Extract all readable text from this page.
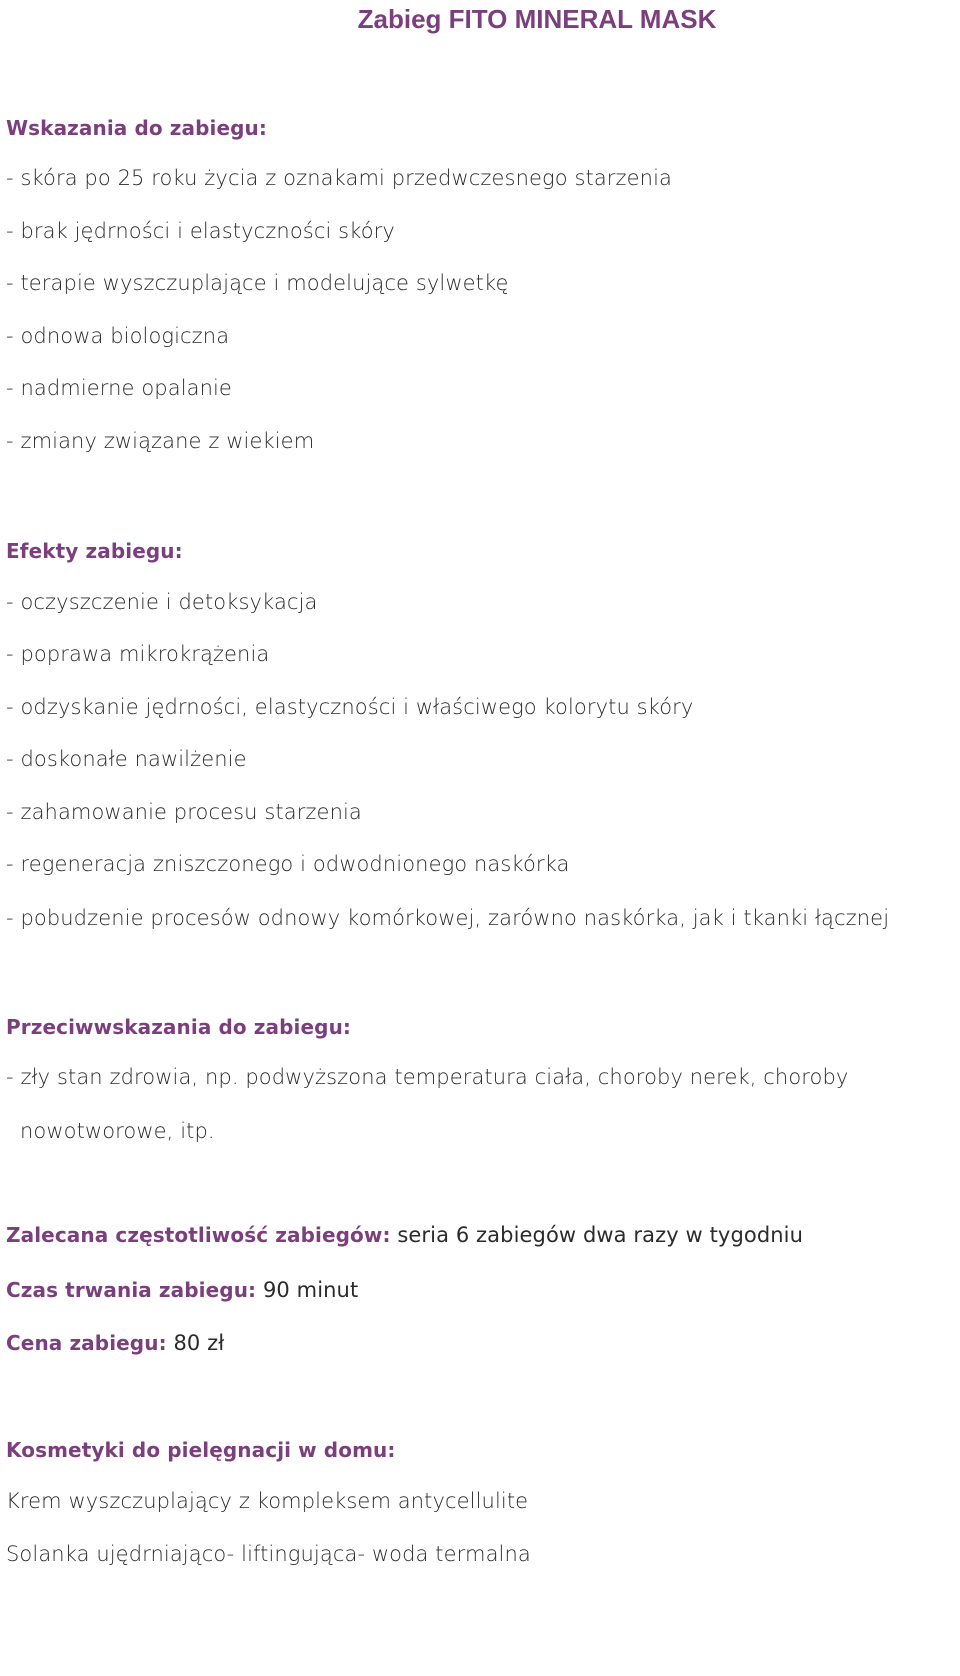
Zabieg FITO MINERAL MASK
Wskazania do zabiegu:
- skóra po 25 roku życia z oznakami przedwczesnego starzenia
- brak jędrności i elastyczności skóry
- terapie wyszczuplające i modelujące sylwetkę
- odnowa biologiczna
- nadmierne opalanie
- zmiany związane z wiekiem
Efekty zabiegu:
- oczyszczenie i detoksykacja
- poprawa mikrokrążenia
- odzyskanie jędrności, elastyczności i właściwego kolorytu skóry
- doskonałe nawilżenie
- zahamowanie procesu starzenia
- regeneracja zniszczonego i odwodnionego naskórka
- pobudzenie procesów odnowy komórkowej, zarówno naskórka, jak i tkanki łącznej
Przeciwwskazania do zabiegu:
- zły stan zdrowia, np. podwyższona temperatura ciała, choroby nerek, choroby
nowotworowe, itp.
Zalecana częstotliwość zabiegów: seria 6 zabiegów dwa razy w tygodniu
Czas trwania zabiegu: 90 minut
Cena zabiegu: 80 zł
Kosmetyki do pielęgnacji w domu:
Krem wyszczuplający z kompleksem antycellulite
Solanka ujędrniająco- liftingująca- woda termalna
